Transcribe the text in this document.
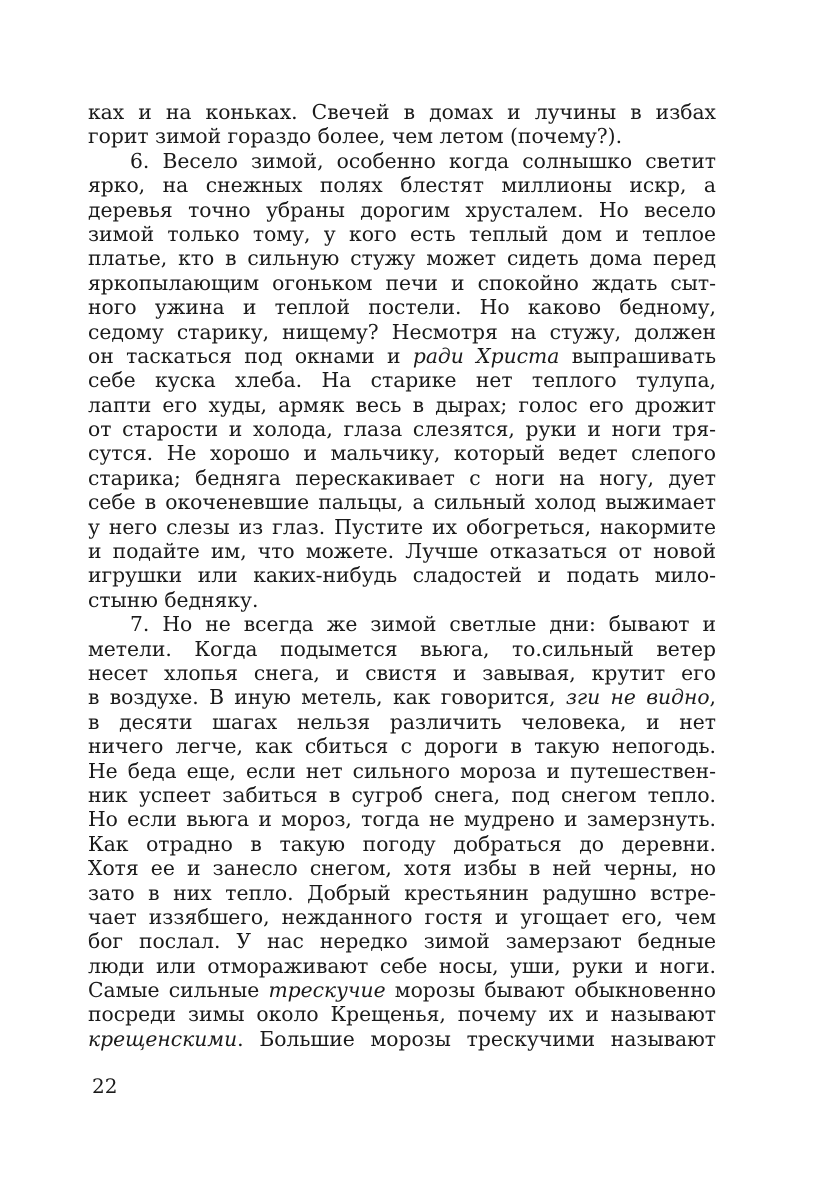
ках и на коньках. Свечей в домах и лучины в избах
горит зимой гораздо более, чем летом (почему?).
6. Весело зимой, особенно когда солнышко светит
ярко, на снежных полях блестят миллионы искр, а
деревья точно убраны дорогим хрусталем. Но весело
зимой только тому, у кого есть теплый дом и теплое
платье, кто в сильную стужу может сидеть дома перед
яркопылающим огоньком печи и спокойно ждать сыт-
ного ужина и теплой постели. Но каково бедному,
седому старику, нищему? Несмотря на стужу, должен
он таскаться под окнами и ради Христа выпрашивать
себе куска хлеба. На старике нет теплого тулупа,
лапти его худы, армяк весь в дырах; голос его дрожит
от старости и холода, глаза слезятся, руки и ноги тря-
сутся. Не хорошо и мальчику, который ведет слепого
старика; бедняга перескакивает с ноги на ногу, дует
себе в окоченевшие пальцы, а сильный холод выжимает
у него слезы из глаз. Пустите их обогреться, накормите
и подайте им, что можете. Лучше отказаться от новой
игрушки или каких-нибудь сладостей и подать мило-
стыню бедняку.
7. Но не всегда же зимой светлые дни: бывают и
метели. Когда подымется вьюга, то.сильный ветер
несет хлопья снега, и свистя и завывая, крутит его
в воздухе. В иную метель, как говорится, зги не видно,
в десяти шагах нельзя различить человека, и нет
ничего легче, как сбиться с дороги в такую непогодь.
Не беда еще, если нет сильного мороза и путешествен-
ник успеет забиться в сугроб снега, под снегом тепло.
Но если вьюга и мороз, тогда не мудрено и замерзнуть.
Как отрадно в такую погоду добраться до деревни.
Хотя ее и занесло снегом, хотя избы в ней черны, но
зато в них тепло. Добрый крестьянин радушно встре-
чает иззябшего, нежданного гостя и угощает его, чем
бог послал. У нас нередко зимой замерзают бедные
люди или отмораживают себе носы, уши, руки и ноги.
Самые сильные трескучие морозы бывают обыкновенно
посреди зимы около Крещенья, почему их и называют
крещенскими. Большие морозы трескучими называют
22
